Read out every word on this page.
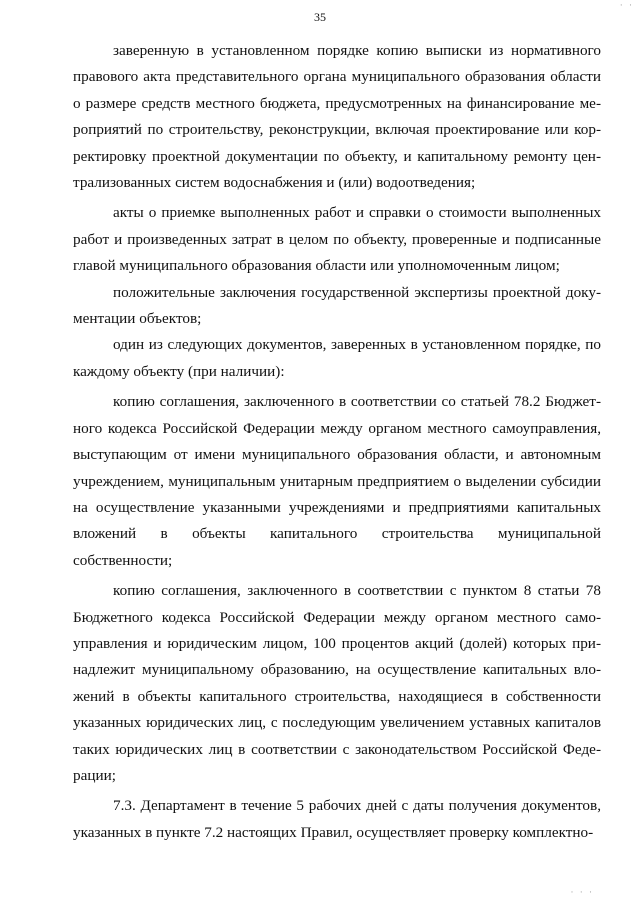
· ·
35

заверенную в установленном порядке копию выписки из нормативного правового акта представительного органа муниципального образования области о размере средств местного бюджета, предусмотренных на финансирование мероприятий по строительству, реконструкции, включая проектирование или корректировку проектной документации по объекту, и капитальному ремонту централизованных систем водоснабжения и (или) водоотведения;

акты о приемке выполненных работ и справки о стоимости выполненных работ и произведенных затрат в целом по объекту, проверенные и подписанные главой муниципального образования области или уполномоченным лицом;

положительные заключения государственной экспертизы проектной документации объектов;

один из следующих документов, заверенных в установленном порядке, по каждому объекту (при наличии):

копию соглашения, заключенного в соответствии со статьей 78.2 Бюджетного кодекса Российской Федерации между органом местного самоуправления, выступающим от имени муниципального образования области, и автономным учреждением, муниципальным унитарным предприятием о выделении субсидии на осуществление указанными учреждениями и предприятиями капитальных вложений в объекты капитального строительства муниципальной собственности;

копию соглашения, заключенного в соответствии с пунктом 8 статьи 78 Бюджетного кодекса Российской Федерации между органом местного самоуправления и юридическим лицом, 100 процентов акций (долей) которых принадлежит муниципальному образованию, на осуществление капитальных вложений в объекты капитального строительства, находящиеся в собственности указанных юридических лиц, с последующим увеличением уставных капиталов таких юридических лиц в соответствии с законодательством Российской Федерации;

7.3. Департамент в течение 5 рабочих дней с даты получения документов, указанных в пункте 7.2 настоящих Правил, осуществляет проверку комплектно-

· · ·
